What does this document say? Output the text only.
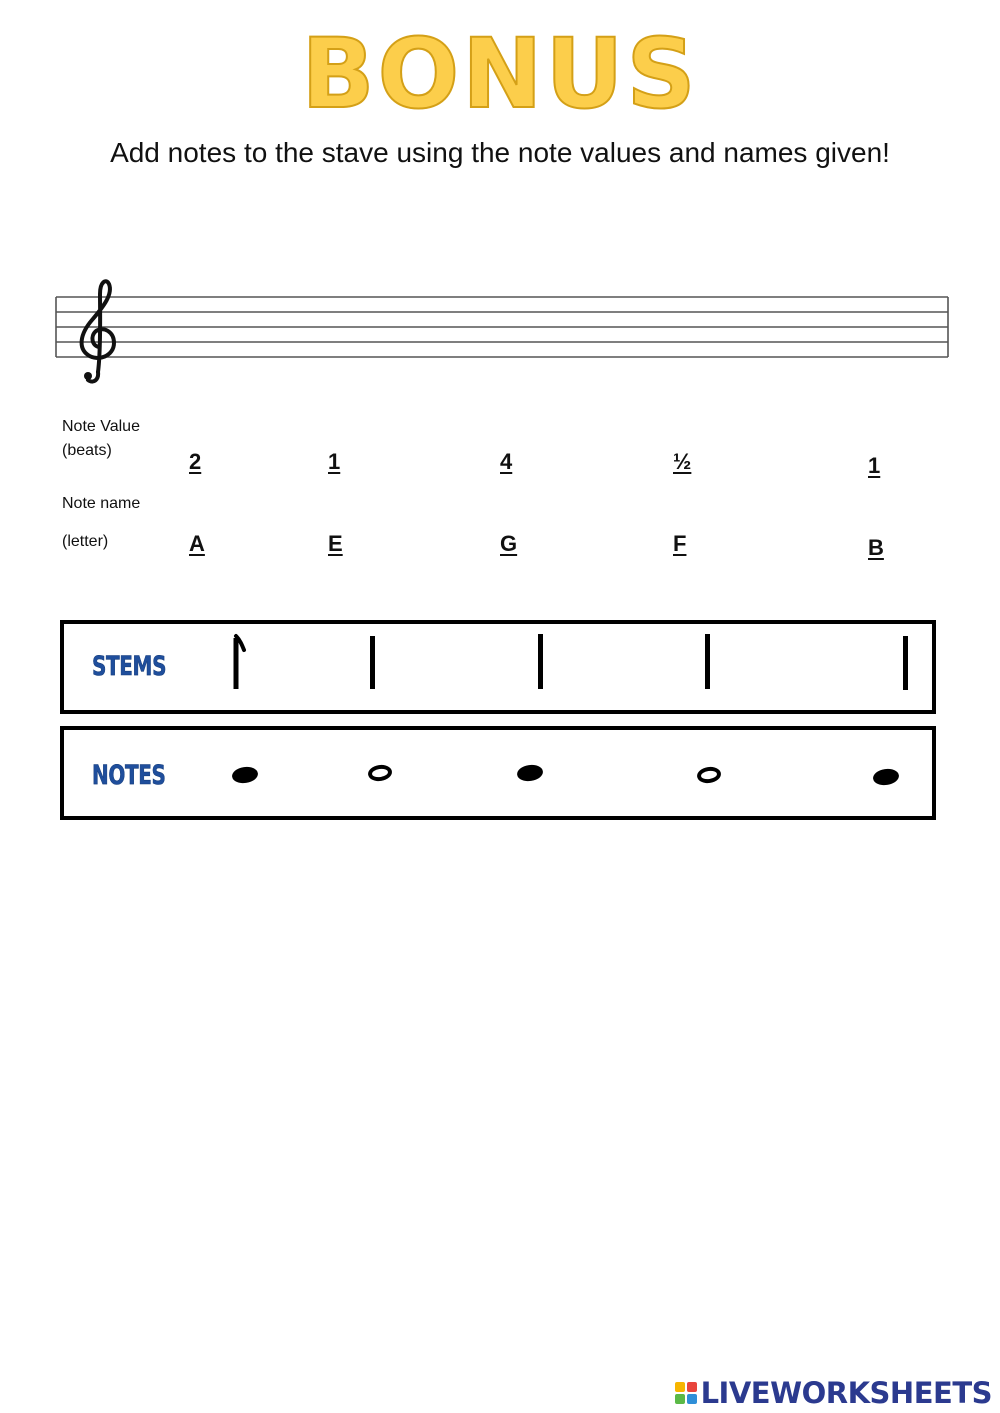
BONUS
Add notes to the stave using the note values and names given!
Note Value
(beats)
Note name
(letter)
2	1	4	½	1
A	E	G	F	B
STEMS
NOTES
LIVEWORKSHEETS
